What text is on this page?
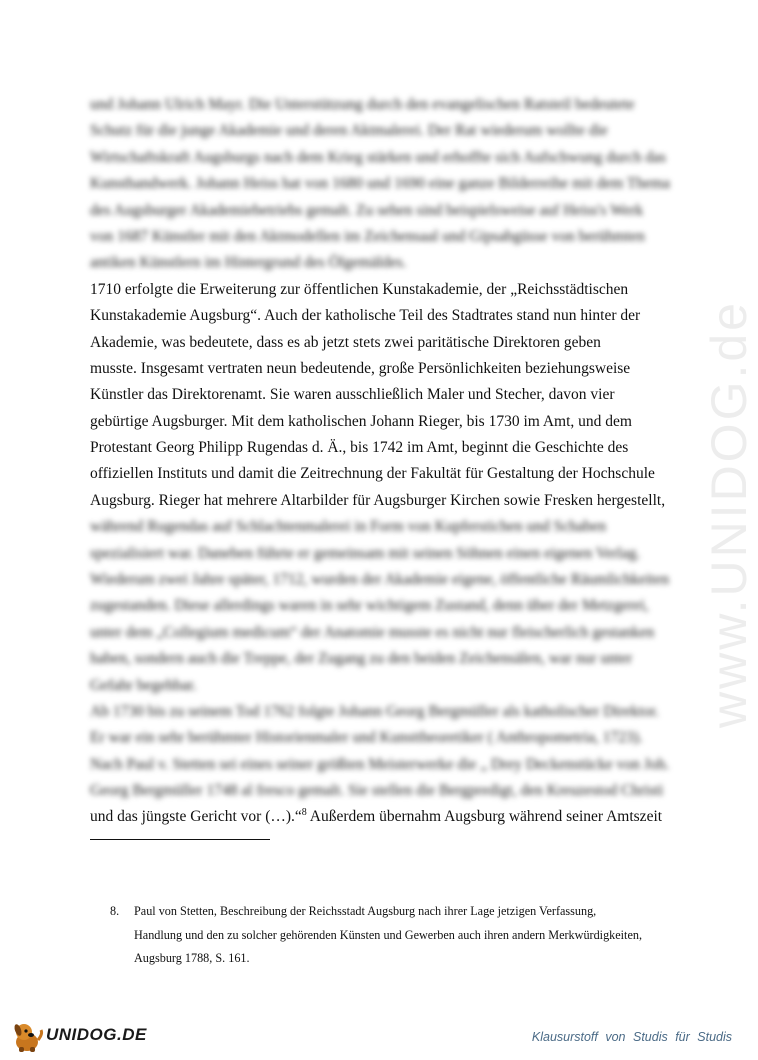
und Johann Ulrich Mayr. Die Unterstützung durch den evangelischen Ratsteil bedeutete
Schutz für die junge Akademie und deren Aktmalerei. Der Rat wiederum wollte die
Wirtschaftskraft Augsburgs nach dem Krieg stärken und erhoffte sich Aufschwung durch das
Kunsthandwerk. Johann Heiss hat von 1680 und 1690 eine ganze Bilderreihe mit dem Thema
des Augsburger Akademiebetriebs gemalt. Zu sehen sind beispielsweise auf Heiss's Werk
von 1687 Künstler mit den Aktmodellen im Zeichensaal und Gipsabgüsse von berühmten
antiken Künstlern im Hintergrund des Ölgemäldes.
1710 erfolgte die Erweiterung zur öffentlichen Kunstakademie, der „Reichsstädtischen
Kunstakademie Augsburg“. Auch der katholische Teil des Stadtrates stand nun hinter der
Akademie, was bedeutete, dass es ab jetzt stets zwei paritätische Direktoren geben
musste. Insgesamt vertraten neun bedeutende, große Persönlichkeiten beziehungsweise
Künstler das Direktorenamt. Sie waren ausschließlich Maler und Stecher, davon vier
gebürtige Augsburger. Mit dem katholischen Johann Rieger, bis 1730 im Amt, und dem
Protestant Georg Philipp Rugendas d. Ä., bis 1742 im Amt, beginnt die Geschichte des
offiziellen Instituts und damit die Zeitrechnung der Fakultät für Gestaltung der Hochschule
Augsburg. Rieger hat mehrere Altarbilder für Augsburger Kirchen sowie Fresken hergestellt,
während Rugendas auf Schlachtenmalerei in Form von Kupferstichen und Schaben
spezialisiert war. Daneben führte er gemeinsam mit seinen Söhnen einen eigenen Verlag.
Wiederum zwei Jahre später, 1712, wurden der Akademie eigene, öffentliche Räumlichkeiten
zugestanden. Diese allerdings waren in sehr wichtigem Zustand, denn über der Metzgerei,
unter dem „Collegium medicum“ der Anatomie musste es nicht nur fleischerlich gestanken
haben, sondern auch die Treppe, der Zugang zu den beiden Zeichensälen, war nur unter
Gefahr begehbar.
Ab 1730 bis zu seinem Tod 1762 folgte Johann Georg Bergmüller als katholischer Direktor.
Er war ein sehr berühmter Historienmaler und Kunsttheoretiker ( Anthropometria, 1723).
Nach Paul v. Stetten sei eines seiner größten Meisterwerke die „ Drey Deckenstücke von Joh.
Georg Bergmüller 1748 al fresco gemalt. Sie stellen die Bergpredigt, den Kreuzestod Christi
und das jüngste Gericht vor (…).“$^8$ Außerdem übernahm Augsburg während seiner Amtszeit
8. Paul von Stetten, Beschreibung der Reichsstadt Augsburg nach ihrer Lage jetzigen Verfassung,
Handlung und den zu solcher gehörenden Künsten und Gewerben auch ihren andern Merkwürdigkeiten,
Augsburg 1788, S. 161.
www.UNIDOG.de
UNIDOG.DE	Klausurstoff von Studis für Studis
